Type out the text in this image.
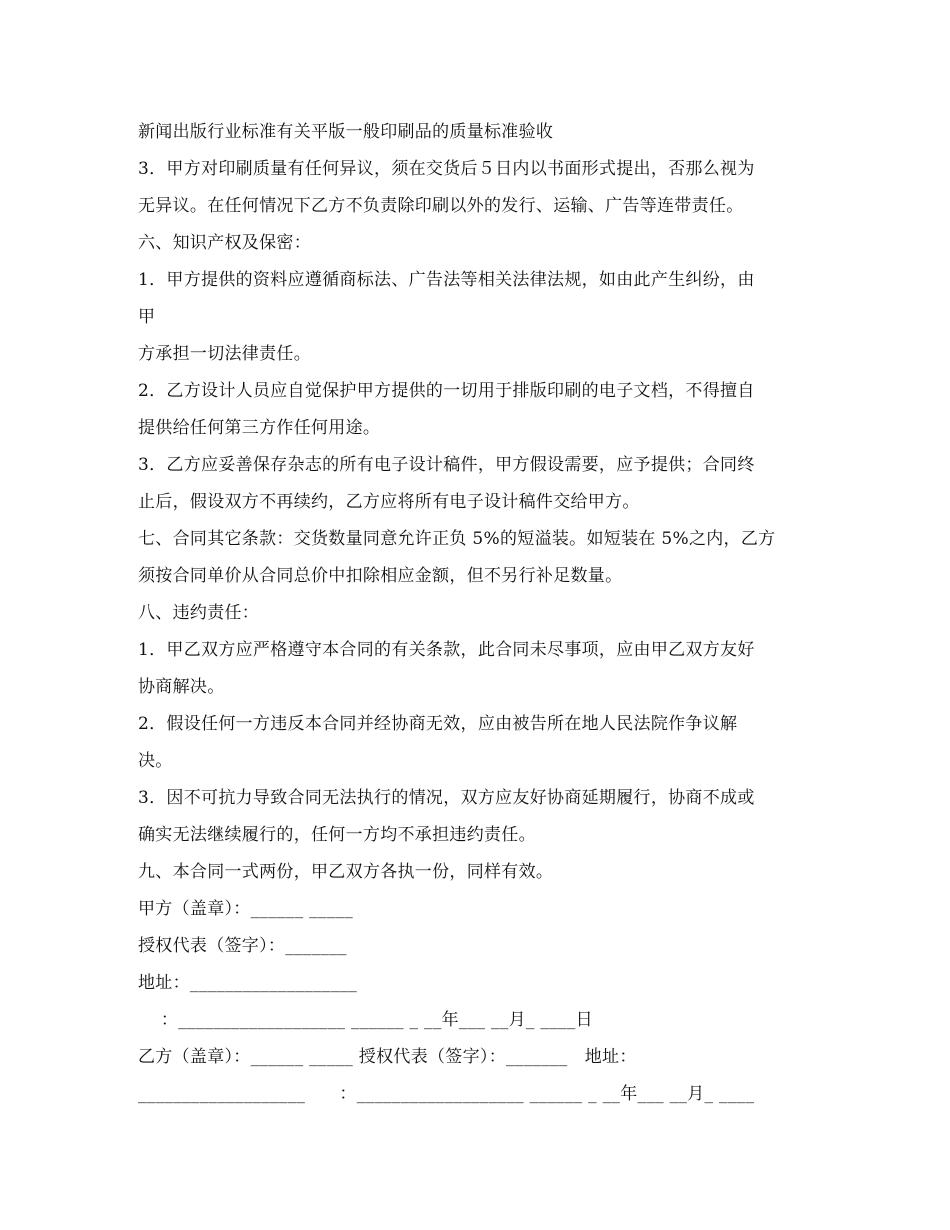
新闻出版行业标准有关平版一般印刷品的质量标准验收
3．甲方对印刷质量有任何异议，须在交货后５日内以书面形式提出，否那么视为
无异议。在任何情况下乙方不负责除印刷以外的发行、运输、广告等连带责任。
六、知识产权及保密：
1．甲方提供的资料应遵循商标法、广告法等相关法律法规，如由此产生纠纷，由
甲
方承担一切法律责任。
2．乙方设计人员应自觉保护甲方提供的一切用于排版印刷的电子文档，不得擅自
提供给任何第三方作任何用途。
3．乙方应妥善保存杂志的所有电子设计稿件，甲方假设需要，应予提供；合同终
止后，假设双方不再续约，乙方应将所有电子设计稿件交给甲方。
七、合同其它条款：交货数量同意允许正负 5%的短溢装。如短装在 5%之内，乙方
须按合同单价从合同总价中扣除相应金额，但不另行补足数量。
八、违约责任：
1．甲乙双方应严格遵守本合同的有关条款，此合同未尽事项，应由甲乙双方友好
协商解决。
2．假设任何一方违反本合同并经协商无效，应由被告所在地人民法院作争议解
决。
3．因不可抗力导致合同无法执行的情况，双方应友好协商延期履行，协商不成或
确实无法继续履行的，任何一方均不承担违约责任。
九、本合同一式两份，甲乙双方各执一份，同样有效。
甲方（盖章）：______ _____
授权代表（签字）：_______
地址：___________________
：___________________ ______ _ __年___ __月_ ____日
乙方（盖章）：______ _____ 授权代表（签字）：_______   地址：
___________________      ：___________________ ______ _ __年___ __月_ ____
